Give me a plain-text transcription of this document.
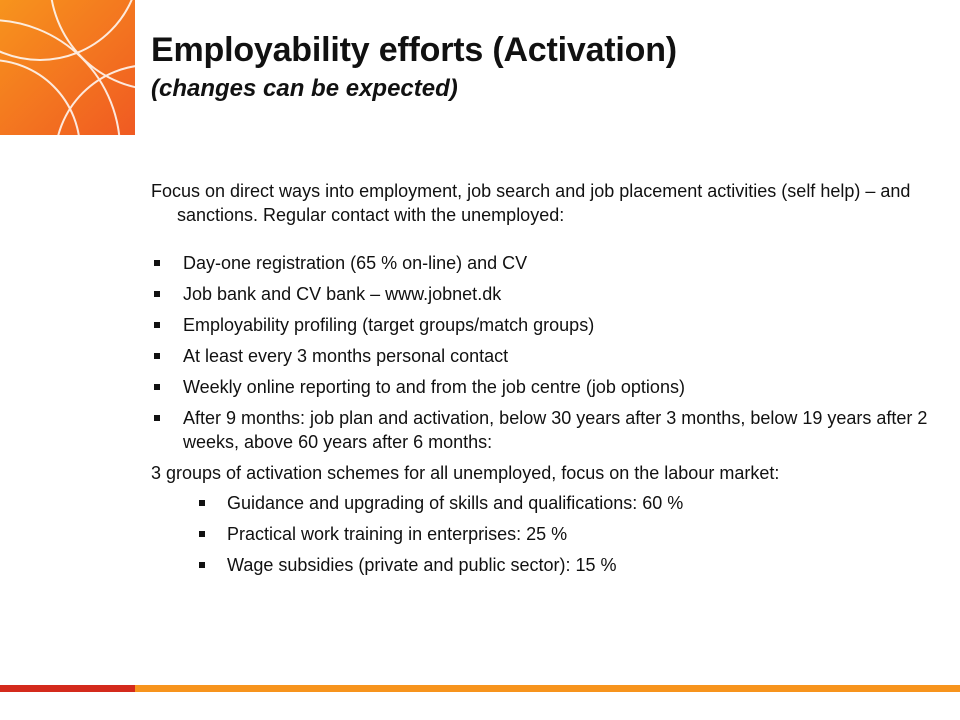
Employability efforts (Activation)
(changes can be expected)

Focus on direct ways into employment, job search and job placement activities (self help) – and sanctions. Regular contact with the unemployed:

Day-one registration (65 % on-line) and CV
Job bank and CV bank – www.jobnet.dk
Employability profiling (target groups/match groups)
At least every 3 months personal contact
Weekly online reporting to and from the job centre (job options)
After 9 months: job plan and activation, below 30 years after 3 months, below 19 years after 2 weeks, above 60 years after 6 months:

3 groups of activation schemes for all unemployed, focus on the labour market:

Guidance and upgrading of skills and qualifications: 60 %
Practical work training in enterprises: 25 %
Wage subsidies (private and public sector): 15 %
